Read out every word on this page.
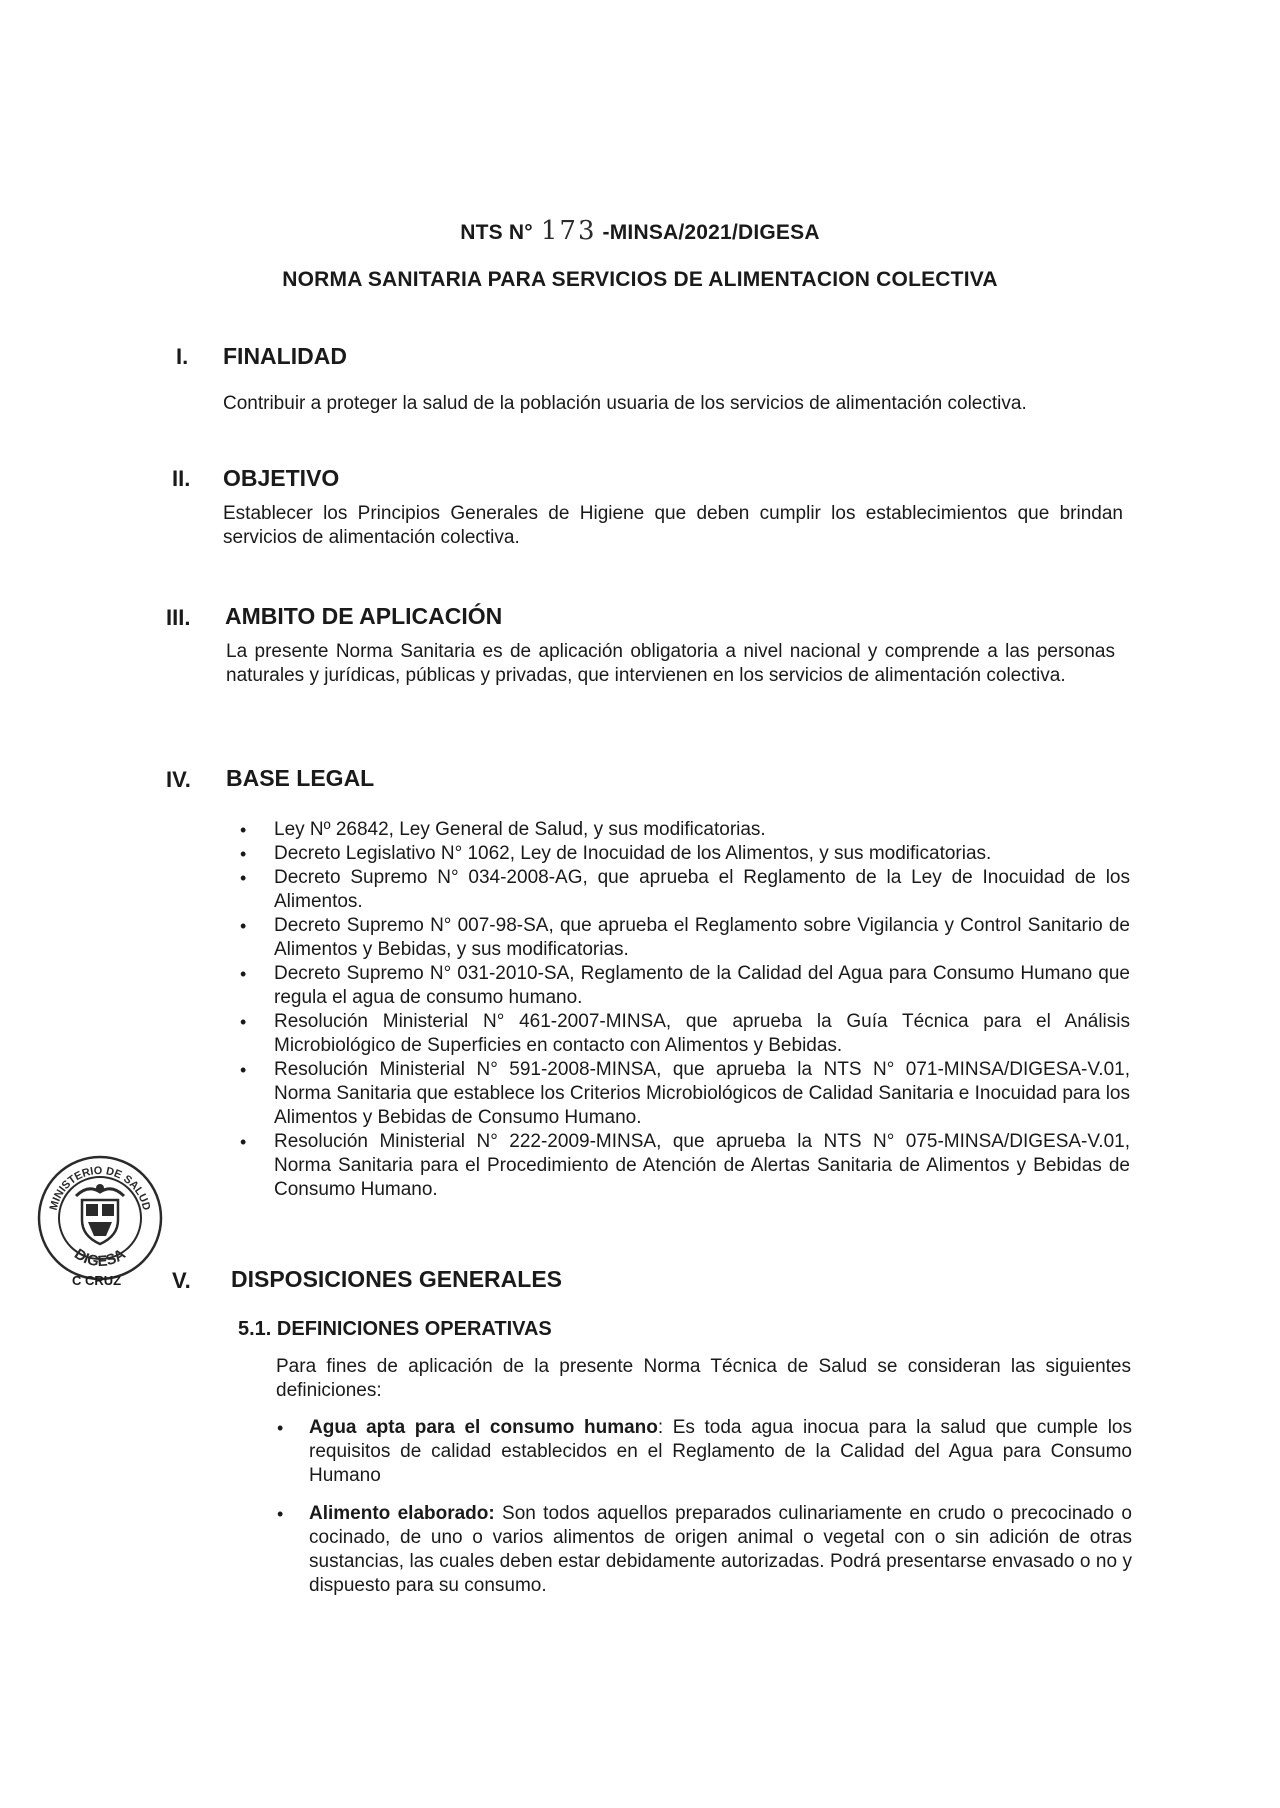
NTS N° 173 -MINSA/2021/DIGESA
NORMA SANITARIA PARA SERVICIOS DE ALIMENTACION COLECTIVA
I. FINALIDAD
Contribuir a proteger la salud de la población usuaria de los servicios de alimentación colectiva.
II. OBJETIVO
Establecer los Principios Generales de Higiene que deben cumplir los establecimientos que brindan servicios de alimentación colectiva.
III. AMBITO DE APLICACIÓN
La presente Norma Sanitaria es de aplicación obligatoria a nivel nacional y comprende a las personas naturales y jurídicas, públicas y privadas, que intervienen en los servicios de alimentación colectiva.
IV. BASE LEGAL
• Ley Nº 26842, Ley General de Salud, y sus modificatorias.
• Decreto Legislativo N° 1062, Ley de Inocuidad de los Alimentos, y sus modificatorias.
• Decreto Supremo N° 034-2008-AG, que aprueba el Reglamento de la Ley de Inocuidad de los Alimentos.
• Decreto Supremo N° 007-98-SA, que aprueba el Reglamento sobre Vigilancia y Control Sanitario de Alimentos y Bebidas, y sus modificatorias.
• Decreto Supremo N° 031-2010-SA, Reglamento de la Calidad del Agua para Consumo Humano que regula el agua de consumo humano.
• Resolución Ministerial N° 461-2007-MINSA, que aprueba la Guía Técnica para el Análisis Microbiológico de Superficies en contacto con Alimentos y Bebidas.
• Resolución Ministerial N° 591-2008-MINSA, que aprueba la NTS N° 071-MINSA/DIGESA-V.01, Norma Sanitaria que establece los Criterios Microbiológicos de Calidad Sanitaria e Inocuidad para los Alimentos y Bebidas de Consumo Humano.
• Resolución Ministerial N° 222-2009-MINSA, que aprueba la NTS N° 075-MINSA/DIGESA-V.01, Norma Sanitaria para el Procedimiento de Atención de Alertas Sanitaria de Alimentos y Bebidas de Consumo Humano.
MINISTERIO DE SALUD
DIGESA
C CRUZ V. DISPOSICIONES GENERALES
5.1. DEFINICIONES OPERATIVAS
Para fines de aplicación de la presente Norma Técnica de Salud se consideran las siguientes definiciones:
• Agua apta para el consumo humano: Es toda agua inocua para la salud que cumple los requisitos de calidad establecidos en el Reglamento de la Calidad del Agua para Consumo Humano
• Alimento elaborado: Son todos aquellos preparados culinariamente en crudo o precocinado o cocinado, de uno o varios alimentos de origen animal o vegetal con o sin adición de otras sustancias, las cuales deben estar debidamente autorizadas. Podrá presentarse envasado o no y dispuesto para su consumo.
